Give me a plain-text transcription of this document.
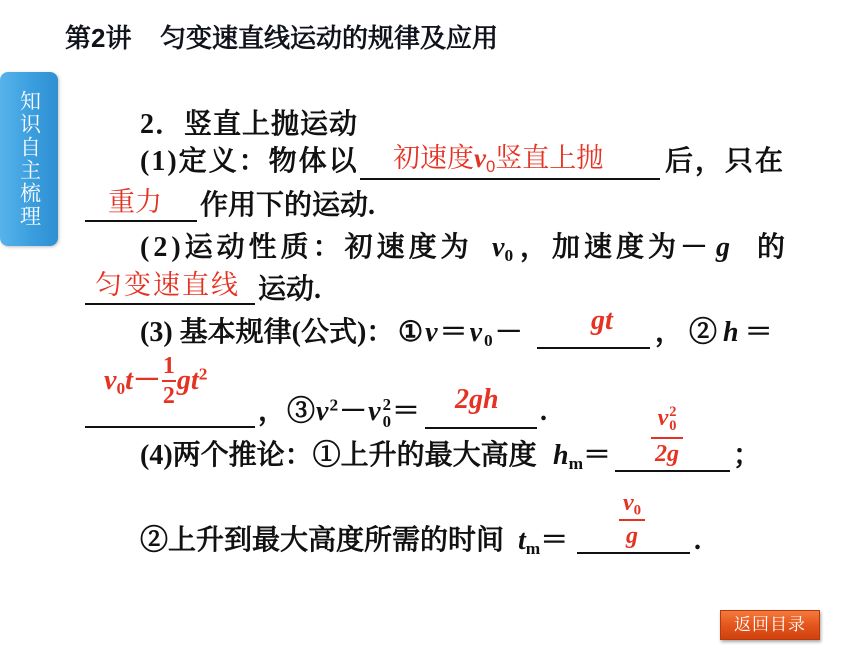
第2讲 匀变速直线运动的规律及应用
知识自主梳理	2．竖直上抛运动
(1)定义：物体以 初速度$v_0$竖直上抛 后，只在
重力 作用下的运动.
(2)运动性质：初速度为 $v_0$ ，加速度为－ g 的
匀变速直线 运动.
(3) 基本规律(公式)： $①v=v_0-$ gt ，②h＝
$v_0t- 1$
2 $gt^2$
，$③v^2-v$ 2
0 ＝ 2gh .
(4)两个推论：①上升的最大高度 $h_m=$
v 2
0
2g ；
②上升到最大高度所需的时间 $t_m=$
$v_0$
g .
返回目录
